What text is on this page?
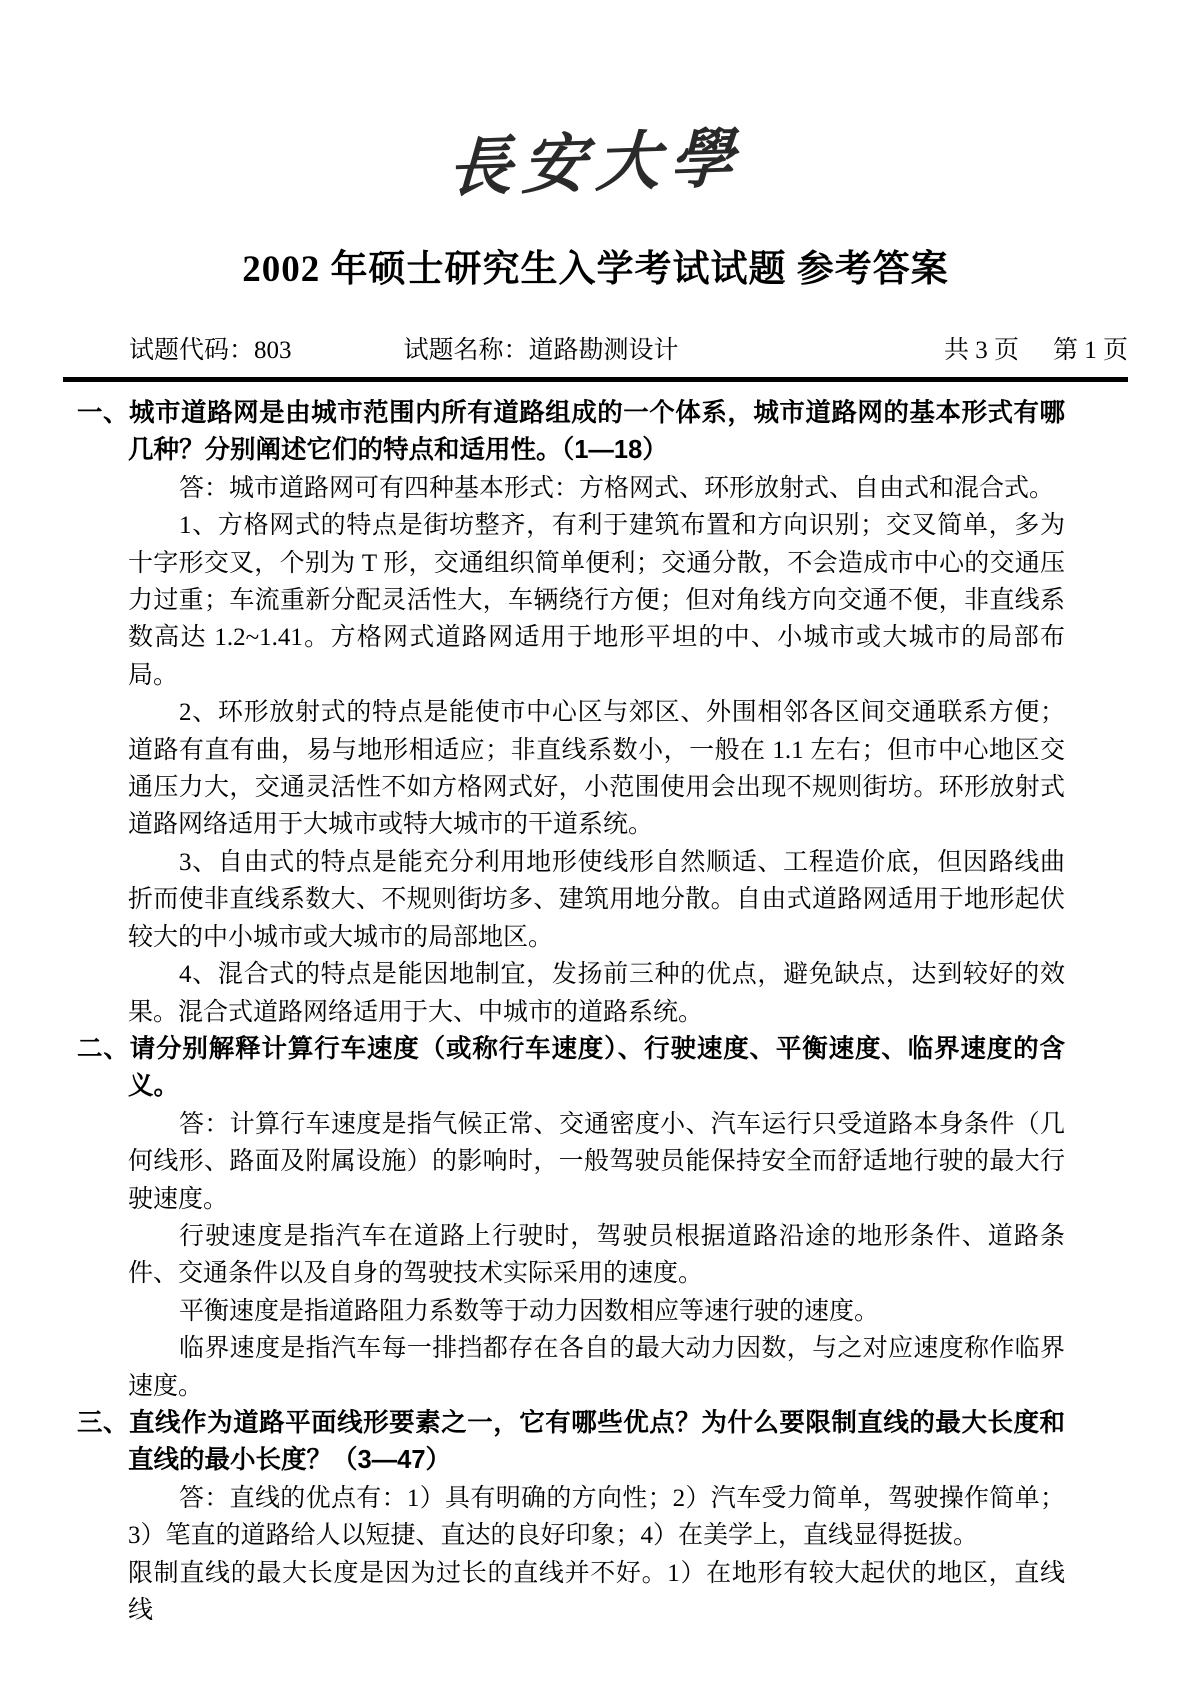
長安大學
2002 年硕士研究生入学考试试题 参考答案
试题代码：803	试题名称：道路勘测设计	共 3 页 第 1 页

一、城市道路网是由城市范围内所有道路组成的一个体系，城市道路网的基本形式有哪几种？分别阐述它们的特点和适用性。（1—18）

答：城市道路网可有四种基本形式：方格网式、环形放射式、自由式和混合式。

1、方格网式的特点是街坊整齐，有利于建筑布置和方向识别；交叉简单，多为十字形交叉，个别为 T 形，交通组织简单便利；交通分散，不会造成市中心的交通压力过重；车流重新分配灵活性大，车辆绕行方便；但对角线方向交通不便，非直线系数高达 1.2~1.41。方格网式道路网适用于地形平坦的中、小城市或大城市的局部布局。

2、环形放射式的特点是能使市中心区与郊区、外围相邻各区间交通联系方便；道路有直有曲，易与地形相适应；非直线系数小，一般在 1.1 左右；但市中心地区交通压力大，交通灵活性不如方格网式好，小范围使用会出现不规则街坊。环形放射式道路网络适用于大城市或特大城市的干道系统。

3、自由式的特点是能充分利用地形使线形自然顺适、工程造价底，但因路线曲折而使非直线系数大、不规则街坊多、建筑用地分散。自由式道路网适用于地形起伏较大的中小城市或大城市的局部地区。

4、混合式的特点是能因地制宜，发扬前三种的优点，避免缺点，达到较好的效果。混合式道路网络适用于大、中城市的道路系统。

二、请分别解释计算行车速度（或称行车速度）、行驶速度、平衡速度、临界速度的含义。

答：计算行车速度是指气候正常、交通密度小、汽车运行只受道路本身条件（几何线形、路面及附属设施）的影响时，一般驾驶员能保持安全而舒适地行驶的最大行驶速度。

行驶速度是指汽车在道路上行驶时，驾驶员根据道路沿途的地形条件、道路条件、交通条件以及自身的驾驶技术实际采用的速度。

平衡速度是指道路阻力系数等于动力因数相应等速行驶的速度。

临界速度是指汽车每一排挡都存在各自的最大动力因数，与之对应速度称作临界速度。

三、直线作为道路平面线形要素之一，它有哪些优点？为什么要限制直线的最大长度和直线的最小长度？（3—47）

答：直线的优点有：1）具有明确的方向性；2）汽车受力简单，驾驶操作简单；3）笔直的道路给人以短捷、直达的良好印象；4）在美学上，直线显得挺拔。

限制直线的最大长度是因为过长的直线并不好。1）在地形有较大起伏的地区，直线线
